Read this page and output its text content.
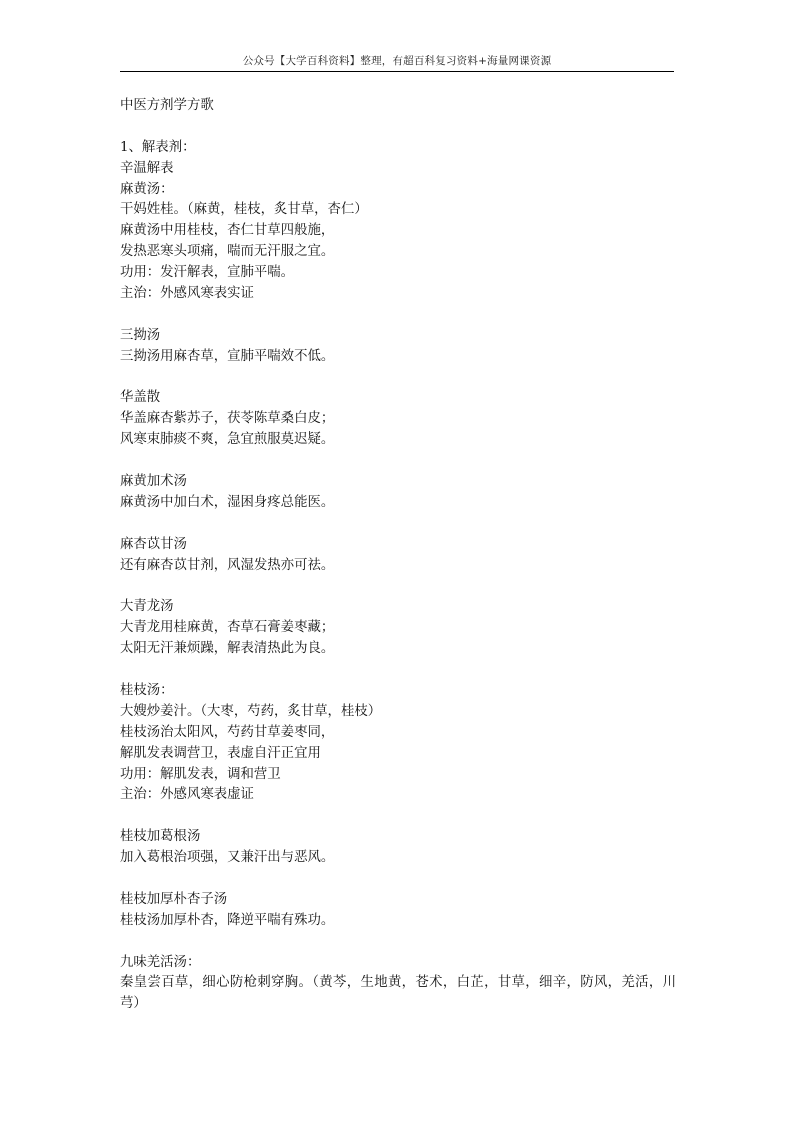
公众号【大学百科资料】整理，有超百科复习资料+海量网课资源
中医方剂学方歌
1、解表剂：
辛温解表
麻黄汤：
干妈姓桂。（麻黄，桂枝，炙甘草，杏仁）
麻黄汤中用桂枝，杏仁甘草四般施，
发热恶寒头项痛，喘而无汗服之宜。
功用：发汗解表，宣肺平喘。
主治：外感风寒表实证
三拗汤
三拗汤用麻杏草，宣肺平喘效不低。
华盖散
华盖麻杏紫苏子，茯苓陈草桑白皮；
风寒束肺痰不爽，急宜煎服莫迟疑。
麻黄加术汤
麻黄汤中加白术，湿困身疼总能医。
麻杏苡甘汤
还有麻杏苡甘剂，风湿发热亦可祛。
大青龙汤
大青龙用桂麻黄，杏草石膏姜枣藏；
太阳无汗兼烦躁，解表清热此为良。
桂枝汤：
大嫂炒姜汁。（大枣，芍药，炙甘草，桂枝）
桂枝汤治太阳风，芍药甘草姜枣同，
解肌发表调营卫，表虚自汗正宜用
功用：解肌发表，调和营卫
主治：外感风寒表虚证
桂枝加葛根汤
加入葛根治项强，又兼汗出与恶风。
桂枝加厚朴杏子汤
桂枝汤加厚朴杏，降逆平喘有殊功。
九味羌活汤：
秦皇尝百草，细心防枪刺穿胸。（黄芩，生地黄，苍术，白芷，甘草，细辛，防风，羌活，川芎）
